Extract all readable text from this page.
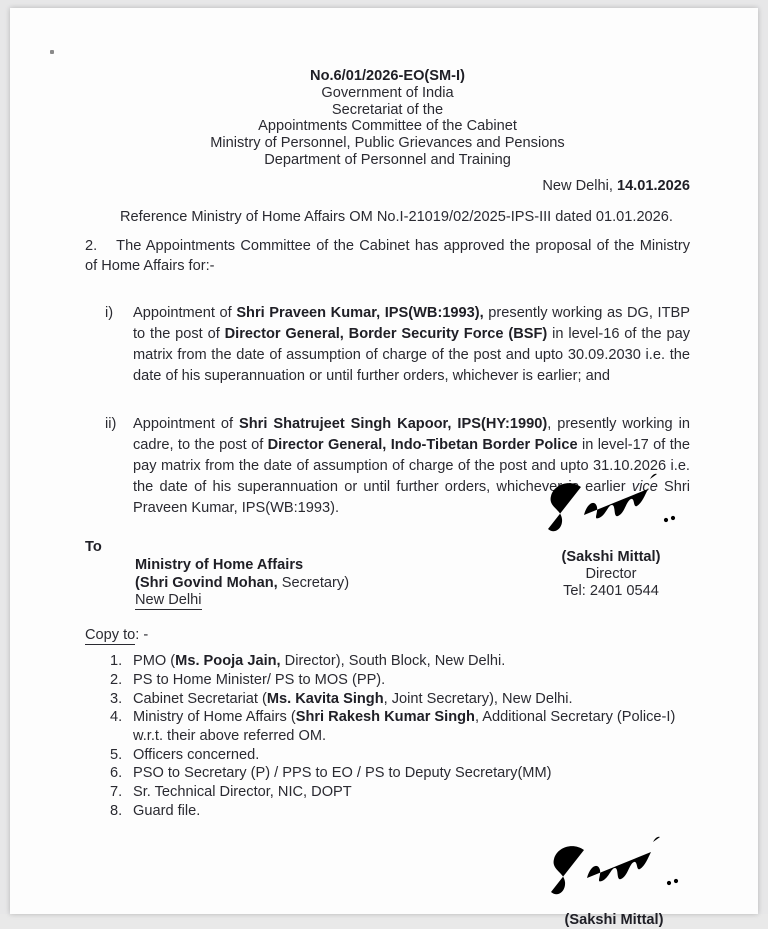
No.6/01/2026-EO(SM-I)
Government of India
Secretariat of the
Appointments Committee of the Cabinet
Ministry of Personnel, Public Grievances and Pensions
Department of Personnel and Training
New Delhi, 14.01.2026

Reference Ministry of Home Affairs OM No.I-21019/02/2025-IPS-III dated 01.01.2026.

2. The Appointments Committee of the Cabinet has approved the proposal of the Ministry of Home Affairs for:-

i)	Appointment of Shri Praveen Kumar, IPS(WB:1993), presently working as DG, ITBP to the post of Director General, Border Security Force (BSF) in level-16 of the pay matrix from the date of assumption of charge of the post and upto 30.09.2030 i.e. the date of his superannuation or until further orders, whichever is earlier; and

ii)	Appointment of Shri Shatrujeet Singh Kapoor, IPS(HY:1990), presently working in cadre, to the post of Director General, Indo-Tibetan Border Police in level-17 of the pay matrix from the date of assumption of charge of the post and upto 31.10.2026 i.e. the date of his superannuation or until further orders, whichever is earlier vice Shri Praveen Kumar, IPS(WB:1993).

(Sakshi Mittal)
Director
Tel: 2401 0544
To
Ministry of Home Affairs
(Shri Govind Mohan, Secretary)
New Delhi
Copy to: -
1. PMO (Ms. Pooja Jain, Director), South Block, New Delhi.

2. PS to Home Minister/ PS to MOS (PP).

3. Cabinet Secretariat (Ms. Kavita Singh, Joint Secretary), New Delhi.

4. Ministry of Home Affairs (Shri Rakesh Kumar Singh, Additional Secretary (Police-I) w.r.t. their above referred OM.

5. Officers concerned.

6. PSO to Secretary (P) / PPS to EO / PS to Deputy Secretary(MM)

7. Sr. Technical Director, NIC, DOPT

8. Guard file.

(Sakshi Mittal)
